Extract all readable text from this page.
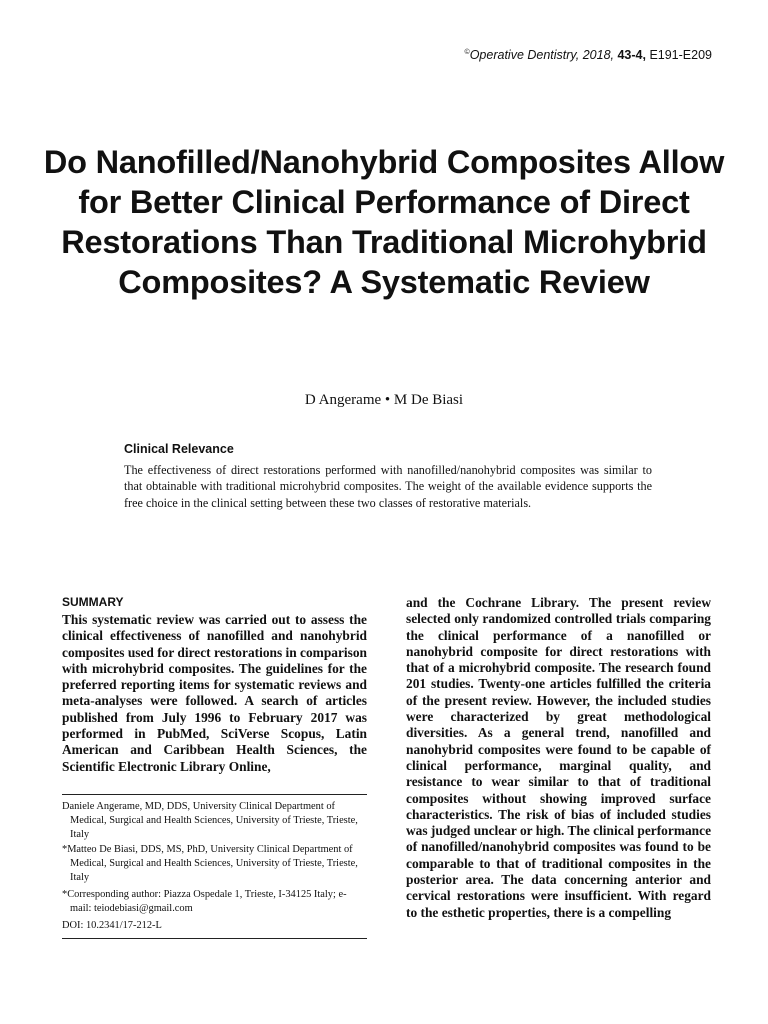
©Operative Dentistry, 2018, 43-4, E191-E209
Do Nanofilled/Nanohybrid Composites Allow for Better Clinical Performance of Direct Restorations Than Traditional Microhybrid Composites? A Systematic Review
D Angerame • M De Biasi
Clinical Relevance
The effectiveness of direct restorations performed with nanofilled/nanohybrid composites was similar to that obtainable with traditional microhybrid composites. The weight of the available evidence supports the free choice in the clinical setting between these two classes of restorative materials.
SUMMARY
This systematic review was carried out to assess the clinical effectiveness of nanofilled and nanohybrid composites used for direct restorations in comparison with microhybrid composites. The guidelines for the preferred reporting items for systematic reviews and meta-analyses were followed. A search of articles published from July 1996 to February 2017 was performed in PubMed, SciVerse Scopus, Latin American and Caribbean Health Sciences, the Scientific Electronic Library Online,
and the Cochrane Library. The present review selected only randomized controlled trials comparing the clinical performance of a nanofilled or nanohybrid composite for direct restorations with that of a microhybrid composite. The research found 201 studies. Twenty-one articles fulfilled the criteria of the present review. However, the included studies were characterized by great methodological diversities. As a general trend, nanofilled and nanohybrid composites were found to be capable of clinical performance, marginal quality, and resistance to wear similar to that of traditional composites without showing improved surface characteristics. The risk of bias of included studies was judged unclear or high. The clinical performance of nanofilled/nanohybrid composites was found to be comparable to that of traditional composites in the posterior area. The data concerning anterior and cervical restorations were insufficient. With regard to the esthetic properties, there is a compelling
Daniele Angerame, MD, DDS, University Clinical Department of Medical, Surgical and Health Sciences, University of Trieste, Trieste, Italy
*Matteo De Biasi, DDS, MS, PhD, University Clinical Department of Medical, Surgical and Health Sciences, University of Trieste, Trieste, Italy
*Corresponding author: Piazza Ospedale 1, Trieste, I-34125 Italy; e-mail: teiodebiasi@gmail.com
DOI: 10.2341/17-212-L
